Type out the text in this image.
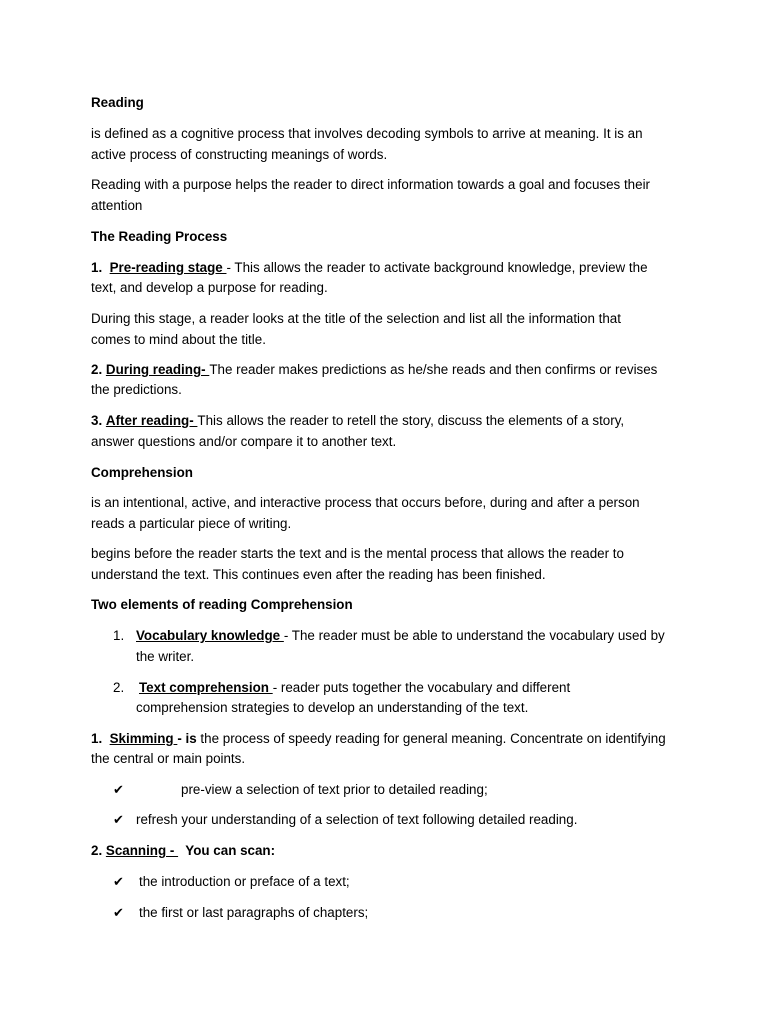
Reading
is defined as a cognitive process that involves decoding symbols to arrive at meaning. It is an
active process of constructing meanings of words.
Reading with a purpose helps the reader to direct information towards a goal and focuses their
attention
The Reading Process
1. Pre-reading stage - This allows the reader to activate background knowledge, preview the
text, and develop a purpose for reading.
During this stage, a reader looks at the title of the selection and list all the information that
comes to mind about the title.
2. During reading- The reader makes predictions as he/she reads and then confirms or revises
the predictions.
3. After reading- This allows the reader to retell the story, discuss the elements of a story,
answer questions and/or compare it to another text.
Comprehension
is an intentional, active, and interactive process that occurs before, during and after a person
reads a particular piece of writing.
begins before the reader starts the text and is the mental process that allows the reader to
understand the text. This continues even after the reading has been finished.
Two elements of reading Comprehension
1. Vocabulary knowledge - The reader must be able to understand the vocabulary used by
the writer.
2. Text comprehension - reader puts together the vocabulary and different
comprehension strategies to develop an understanding of the text.
1. Skimming - is the process of speedy reading for general meaning. Concentrate on identifying
the central or main points.
✔	pre-view a selection of text prior to detailed reading;
✔ refresh your understanding of a selection of text following detailed reading.
2. Scanning -   You can scan:
✔ the introduction or preface of a text;
✔ the first or last paragraphs of chapters;
